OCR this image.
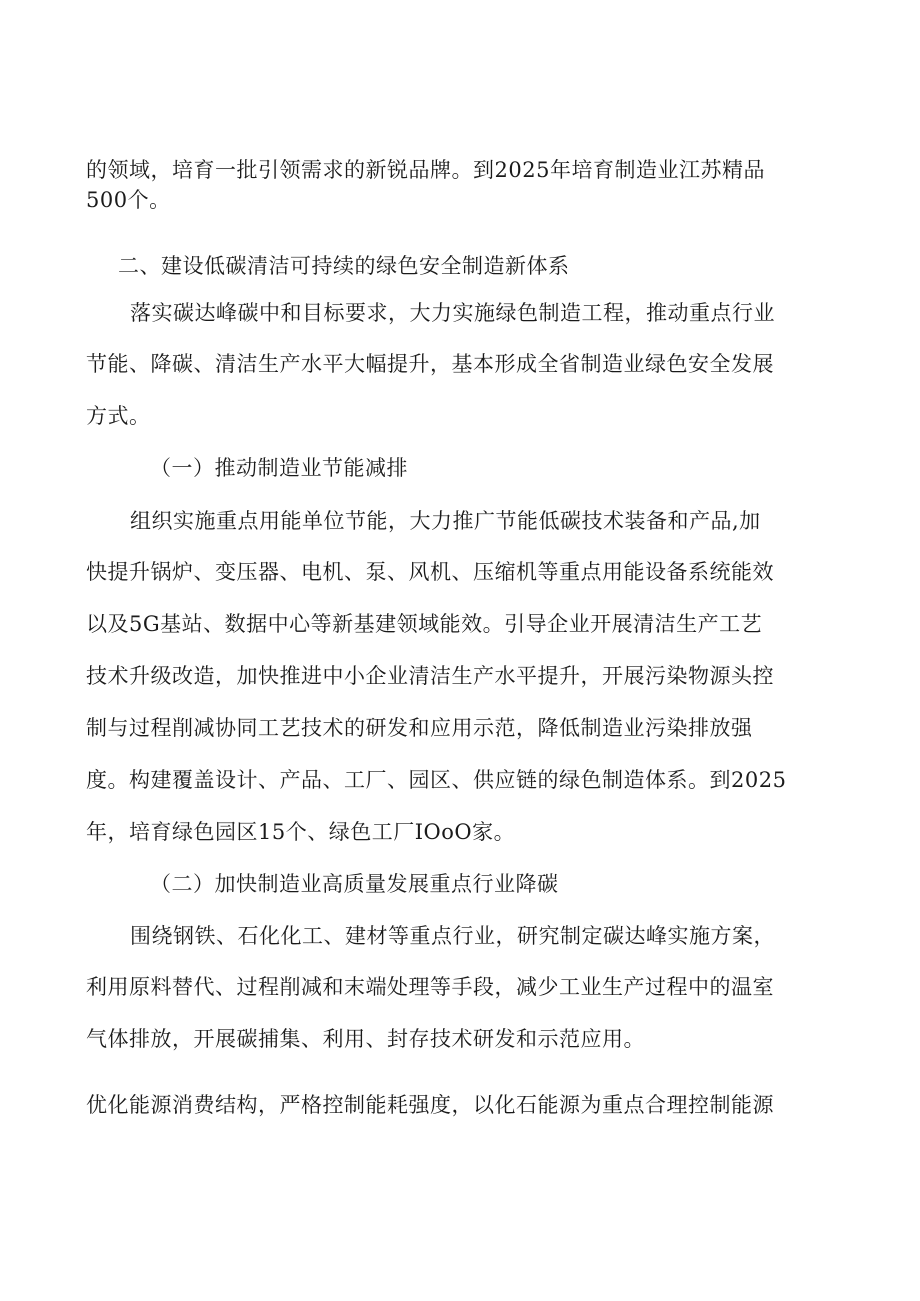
的领域，培育一批引领需求的新锐品牌。到2025年培育制造业江苏精品
500个。
二、建设低碳清洁可持续的绿色安全制造新体系
落实碳达峰碳中和目标要求，大力实施绿色制造工程，推动重点行业
节能、降碳、清洁生产水平大幅提升，基本形成全省制造业绿色安全发展
方式。
（一）推动制造业节能减排
组织实施重点用能单位节能，大力推广节能低碳技术装备和产品,加
快提升锅炉、变压器、电机、泵、风机、压缩机等重点用能设备系统能效
以及5G基站、数据中心等新基建领域能效。引导企业开展清洁生产工艺
技术升级改造，加快推进中小企业清洁生产水平提升，开展污染物源头控
制与过程削减协同工艺技术的研发和应用示范，降低制造业污染排放强
度。构建覆盖设计、产品、工厂、园区、供应链的绿色制造体系。到2025
年，培育绿色园区15个、绿色工厂IOoO家。
（二）加快制造业高质量发展重点行业降碳
围绕钢铁、石化化工、建材等重点行业，研究制定碳达峰实施方案，
利用原料替代、过程削减和末端处理等手段，减少工业生产过程中的温室
气体排放，开展碳捕集、利用、封存技术研发和示范应用。
优化能源消费结构，严格控制能耗强度，以化石能源为重点合理控制能源
